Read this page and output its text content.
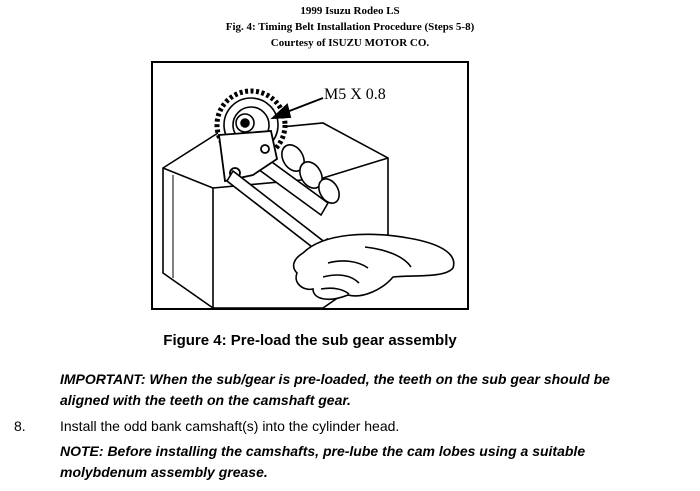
1999 Isuzu Rodeo LS
Fig. 4: Timing Belt Installation Procedure (Steps 5-8)
Courtesy of ISUZU MOTOR CO.
M5 X 0.8
Figure 4: Pre-load the sub gear assembly
IMPORTANT: When the sub/gear is pre-loaded, the teeth on the sub gear should be
aligned with the teeth on the camshaft gear.
8. Install the odd bank camshaft(s) into the cylinder head.
NOTE: Before installing the camshafts, pre-lube the cam lobes using a suitable
molybdenum assembly grease.
